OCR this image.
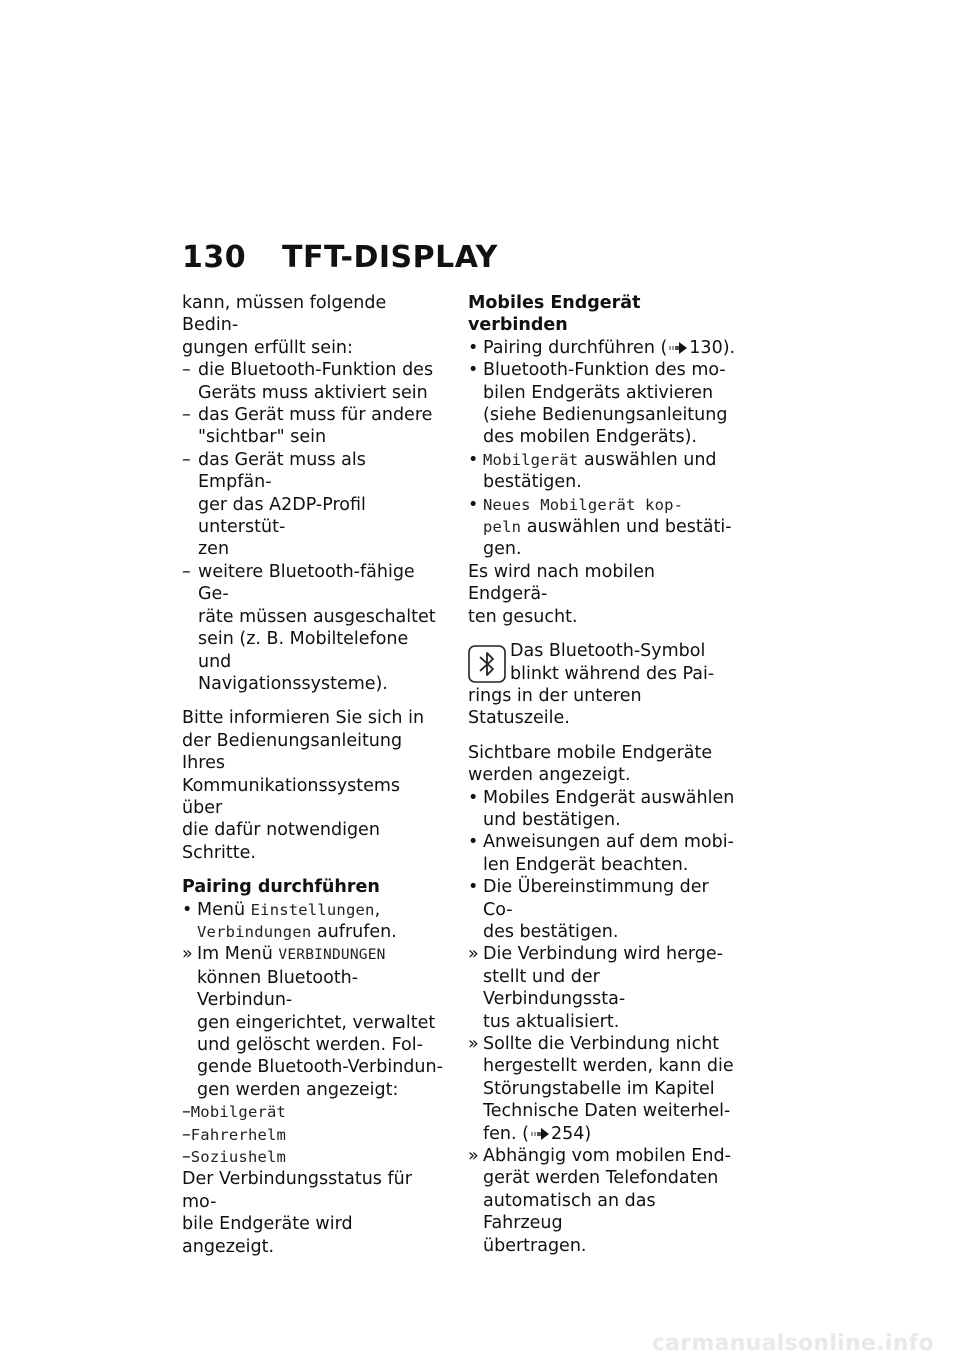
130 TFT-DISPLAY

kann, müssen folgende Bedin-

gungen erfüllt sein:

– die Bluetooth-Funktion des
Geräts muss aktiviert sein
– das Gerät muss für andere
"sichtbar" sein
– das Gerät muss als Empfän-
ger das A2DP-Profil unterstüt-
zen
– weitere Bluetooth-fähige Ge-
räte müssen ausgeschaltet
sein (z. B. Mobiltelefone und
Navigationssysteme).

Bitte informieren Sie sich in

der Bedienungsanleitung Ihres

Kommunikationssystems über

die dafür notwendigen Schritte.

Pairing durchführen

• Menü Einstellungen,
Verbindungen aufrufen.
» Im Menü VERBINDUNGEN
können Bluetooth-Verbindun-
gen eingerichtet, verwaltet
und gelöscht werden. Fol-
gende Bluetooth-Verbindun-
gen werden angezeigt:

–Mobilgerät

–Fahrerhelm

–Soziushelm

Der Verbindungsstatus für mo-

bile Endgeräte wird angezeigt.

Mobiles Endgerät verbinden

• Pairing durchführen ( 130).
• Bluetooth-Funktion des mo-
bilen Endgeräts aktivieren
(siehe Bedienungsanleitung
des mobilen Endgeräts).
• Mobilgerät auswählen und
bestätigen.
• Neues Mobilgerät kop-
peln auswählen und bestäti-
gen.

Es wird nach mobilen Endgerä-

ten gesucht.

Das Bluetooth-Symbol
blinkt während des Pai-
rings in der unteren Statuszeile.

Sichtbare mobile Endgeräte

werden angezeigt.

• Mobiles Endgerät auswählen
und bestätigen.
• Anweisungen auf dem mobi-
len Endgerät beachten.
• Die Übereinstimmung der Co-
des bestätigen.
» Die Verbindung wird herge-
stellt und der Verbindungssta-
tus aktualisiert.
» Sollte die Verbindung nicht
hergestellt werden, kann die
Störungstabelle im Kapitel
Technische Daten weiterhel-
fen. ( 254)
» Abhängig vom mobilen End-
gerät werden Telefondaten
automatisch an das Fahrzeug
übertragen.
carmanualsonline.info
